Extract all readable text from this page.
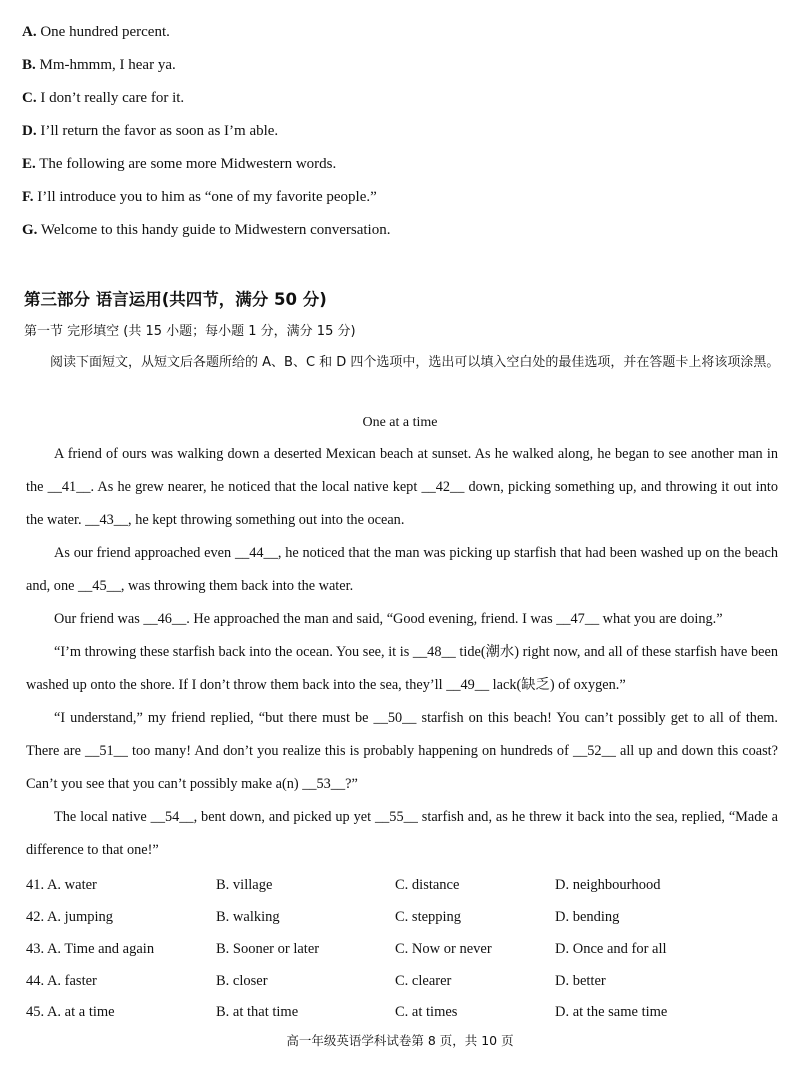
A. One hundred percent.
B. Mm-hmmm, I hear ya.
C. I don’t really care for it.
D. I’ll return the favor as soon as I’m able.
E. The following are some more Midwestern words.
F. I’ll introduce you to him as “one of my favorite people.”
G. Welcome to this handy guide to Midwestern conversation.
第三部分 语言运用(共四节，满分 50 分)
第一节 完形填空 (共 15 小题；每小题 1 分，满分 15 分)
阅读下面短文，从短文后各题所给的 A、B、C 和 D 四个选项中，选出可以填入空白处的最佳选项，并在答题卡上将该项涂黑。
One at a time
A friend of ours was walking down a deserted Mexican beach at sunset. As he walked along, he began to see another man in the __41__. As he grew nearer, he noticed that the local native kept __42__ down, picking something up, and throwing it out into the water. __43__, he kept throwing something out into the ocean.
As our friend approached even __44__, he noticed that the man was picking up starfish that had been washed up on the beach and, one __45__, was throwing them back into the water.
Our friend was __46__. He approached the man and said, “Good evening, friend. I was __47__ what you are doing.”
“I’m throwing these starfish back into the ocean. You see, it is __48__ tide(潮水) right now, and all of these starfish have been washed up onto the shore. If I don’t throw them back into the sea, they’ll __49__ lack(缺乏) of oxygen.”
“I understand,” my friend replied, “but there must be __50__ starfish on this beach! You can’t possibly get to all of them. There are __51__ too many! And don’t you realize this is probably happening on hundreds of __52__ all up and down this coast? Can’t you see that you can’t possibly make a(n) __53__?”
The local native __54__, bent down, and picked up yet __55__ starfish and, as he threw it back into the sea, replied, “Made a difference to that one!”
41. A. water	B. village	C. distance	D. neighbourhood
42. A. jumping	B. walking	C. stepping	D. bending
43. A. Time and again	B. Sooner or later	C. Now or never	D. Once and for all
44. A. faster	B. closer	C. clearer	D. better
45. A. at a time	B. at that time	C. at times	D. at the same time
高一年级英语学科试卷第 8 页，共 10 页
